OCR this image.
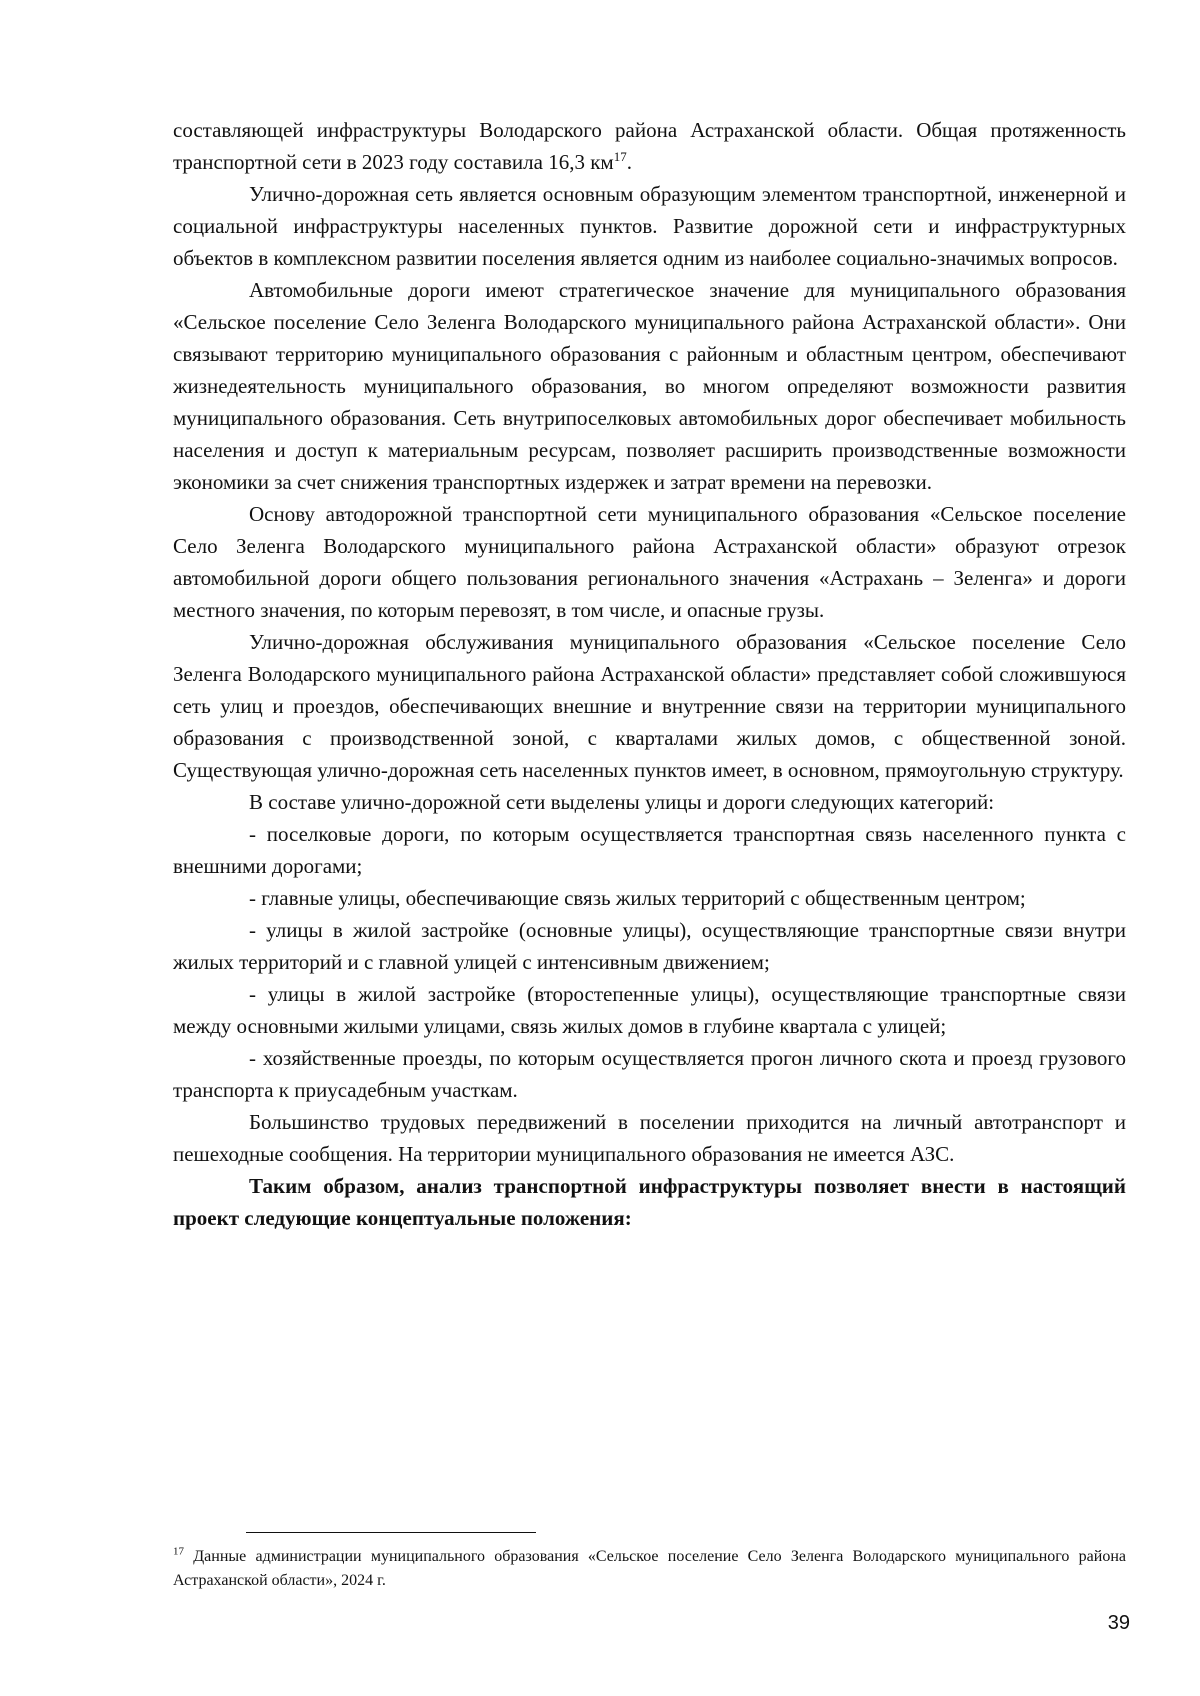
составляющей инфраструктуры Володарского района Астраханской области. Общая протяженность транспортной сети в 2023 году составила 16,3 $км^{17}$.

Улично-дорожная сеть является основным образующим элементом транспортной, инженерной и социальной инфраструктуры населенных пунктов. Развитие дорожной сети и инфраструктурных объектов в комплексном развитии поселения является одним из наиболее социально-значимых вопросов.

Автомобильные дороги имеют стратегическое значение для муниципального образования «Сельское поселение Село Зеленга Володарского муниципального района Астраханской области». Они связывают территорию муниципального образования с районным и областным центром, обеспечивают жизнедеятельность муниципального образования, во многом определяют возможности развития муниципального образования. Сеть внутрипоселковых автомобильных дорог обеспечивает мобильность населения и доступ к материальным ресурсам, позволяет расширить производственные возможности экономики за счет снижения транспортных издержек и затрат времени на перевозки.

Основу автодорожной транспортной сети муниципального образования «Сельское поселение Село Зеленга Володарского муниципального района Астраханской области» образуют отрезок автомобильной дороги общего пользования регионального значения «Астрахань – Зеленга» и дороги местного значения, по которым перевозят, в том числе, и опасные грузы.

Улично-дорожная обслуживания муниципального образования «Сельское поселение Село Зеленга Володарского муниципального района Астраханской области» представляет собой сложившуюся сеть улиц и проездов, обеспечивающих внешние и внутренние связи на территории муниципального образования с производственной зоной, с кварталами жилых домов, с общественной зоной. Существующая улично-дорожная сеть населенных пунктов имеет, в основном, прямоугольную структуру.

В составе улично-дорожной сети выделены улицы и дороги следующих категорий:

- поселковые дороги, по которым осуществляется транспортная связь населенного пункта с внешними дорогами;

- главные улицы, обеспечивающие связь жилых территорий с общественным центром;

- улицы в жилой застройке (основные улицы), осуществляющие транспортные связи внутри жилых территорий и с главной улицей с интенсивным движением;

- улицы в жилой застройке (второстепенные улицы), осуществляющие транспортные связи между основными жилыми улицами, связь жилых домов в глубине квартала с улицей;

- хозяйственные проезды, по которым осуществляется прогон личного скота и проезд грузового транспорта к приусадебным участкам.

Большинство трудовых передвижений в поселении приходится на личный автотранспорт и пешеходные сообщения. На территории муниципального образования не имеется АЗС.

Таким образом, анализ транспортной инфраструктуры позволяет внести в настоящий проект следующие концептуальные положения:

$^{17}$ Данные администрации муниципального образования «Сельское поселение Село Зеленга Володарского муниципального района Астраханской области», 2024 г.

39
